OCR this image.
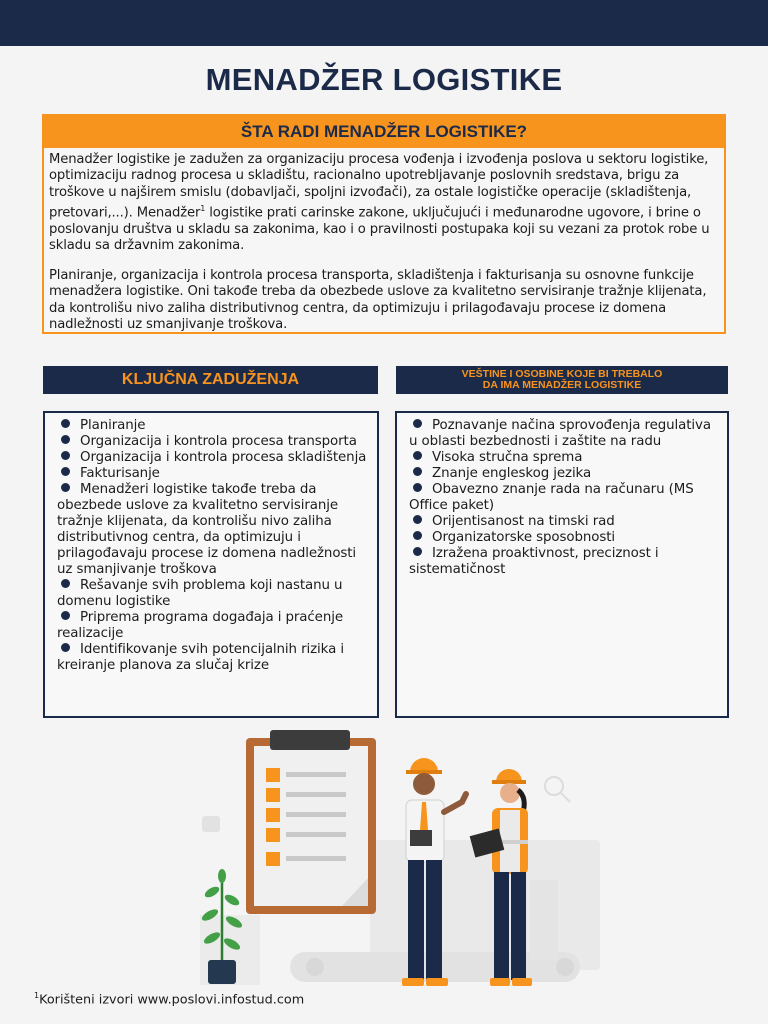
MENADŽER LOGISTIKE
ŠTA RADI MENADŽER LOGISTIKE?

Menadžer logistike je zadužen za organizaciju procesa vođenja i izvođenja poslova u sektoru logistike, optimizaciju radnog procesa u skladištu, racionalno upotrebljavanje poslovnih sredstava, brigu za troškove u najširem smislu (dobavljači, spoljni izvođači), za ostale logističke operacije (skladištenja, pretovari,...). Menadžer$^1$ logistike prati carinske zakone, uključujući i međunarodne ugovore, i brine o poslovanju društva u skladu sa zakonima, kao i o pravilnosti postupaka koji su vezani za protok robe u skladu sa državnim zakonima.

Planiranje, organizacija i kontrola procesa transporta, skladištenja i fakturisanja su osnovne funkcije menadžera logistike. Oni takođe treba da obezbede uslove za kvalitetno servisiranje tražnje klijenata, da kontrolišu nivo zaliha distributivnog centra, da optimizuju i prilagođavaju procese iz domena nadležnosti uz smanjivanje troškova.

KLJUČNA ZADUŽENJA	VEŠTINE I OSOBINE KOJE BI TREBALO
DA IMA MENADŽER LOGISTIKE
Planiranje
Organizacija i kontrola procesa transporta
Organizacija i kontrola procesa skladištenja
Fakturisanje
Menadžeri logistike takođe treba da obezbede uslove za kvalitetno servisiranje tražnje klijenata, da kontrolišu nivo zaliha distributivnog centra, da optimizuju i prilagođavaju procese iz domena nadležnosti uz smanjivanje troškova
Rešavanje svih problema koji nastanu u domenu logistike
Priprema programa događaja i praćenje realizacije
Identifikovanje svih potencijalnih rizika i kreiranje planova za slučaj krize
Poznavanje načina sprovođenja regulativa u oblasti bezbednosti i zaštite na radu
Visoka stručna sprema
Znanje engleskog jezika
Obavezno znanje rada na računaru (MS Office paket)
Orijentisanost na timski rad
Organizatorske sposobnosti
Izražena proaktivnost, preciznost i sistematičnost
$^1$Korišteni izvori www.poslovi.infostud.com
